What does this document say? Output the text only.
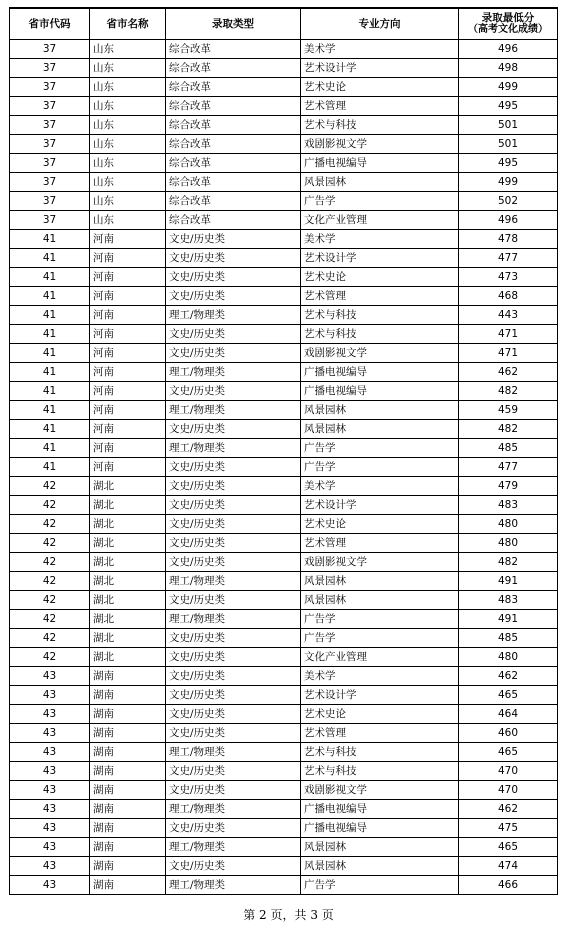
省市代码	省市名称	录取类型	专业方向	录取最低分
（高考文化成绩）

37	山东	综合改革	美术学	496
37	山东	综合改革	艺术设计学	498
37	山东	综合改革	艺术史论	499
37	山东	综合改革	艺术管理	495
37	山东	综合改革	艺术与科技	501
37	山东	综合改革	戏剧影视文学	501
37	山东	综合改革	广播电视编导	495
37	山东	综合改革	风景园林	499
37	山东	综合改革	广告学	502
37	山东	综合改革	文化产业管理	496
41	河南	文史/历史类	美术学	478
41	河南	文史/历史类	艺术设计学	477
41	河南	文史/历史类	艺术史论	473
41	河南	文史/历史类	艺术管理	468
41	河南	理工/物理类	艺术与科技	443
41	河南	文史/历史类	艺术与科技	471
41	河南	文史/历史类	戏剧影视文学	471
41	河南	理工/物理类	广播电视编导	462
41	河南	文史/历史类	广播电视编导	482
41	河南	理工/物理类	风景园林	459
41	河南	文史/历史类	风景园林	482
41	河南	理工/物理类	广告学	485
41	河南	文史/历史类	广告学	477
42	湖北	文史/历史类	美术学	479
42	湖北	文史/历史类	艺术设计学	483
42	湖北	文史/历史类	艺术史论	480
42	湖北	文史/历史类	艺术管理	480
42	湖北	文史/历史类	戏剧影视文学	482
42	湖北	理工/物理类	风景园林	491
42	湖北	文史/历史类	风景园林	483
42	湖北	理工/物理类	广告学	491
42	湖北	文史/历史类	广告学	485
42	湖北	文史/历史类	文化产业管理	480
43	湖南	文史/历史类	美术学	462
43	湖南	文史/历史类	艺术设计学	465
43	湖南	文史/历史类	艺术史论	464
43	湖南	文史/历史类	艺术管理	460
43	湖南	理工/物理类	艺术与科技	465
43	湖南	文史/历史类	艺术与科技	470
43	湖南	文史/历史类	戏剧影视文学	470
43	湖南	理工/物理类	广播电视编导	462
43	湖南	文史/历史类	广播电视编导	475
43	湖南	理工/物理类	风景园林	465
43	湖南	文史/历史类	风景园林	474
43	湖南	理工/物理类	广告学	466
第 2 页，共 3 页
